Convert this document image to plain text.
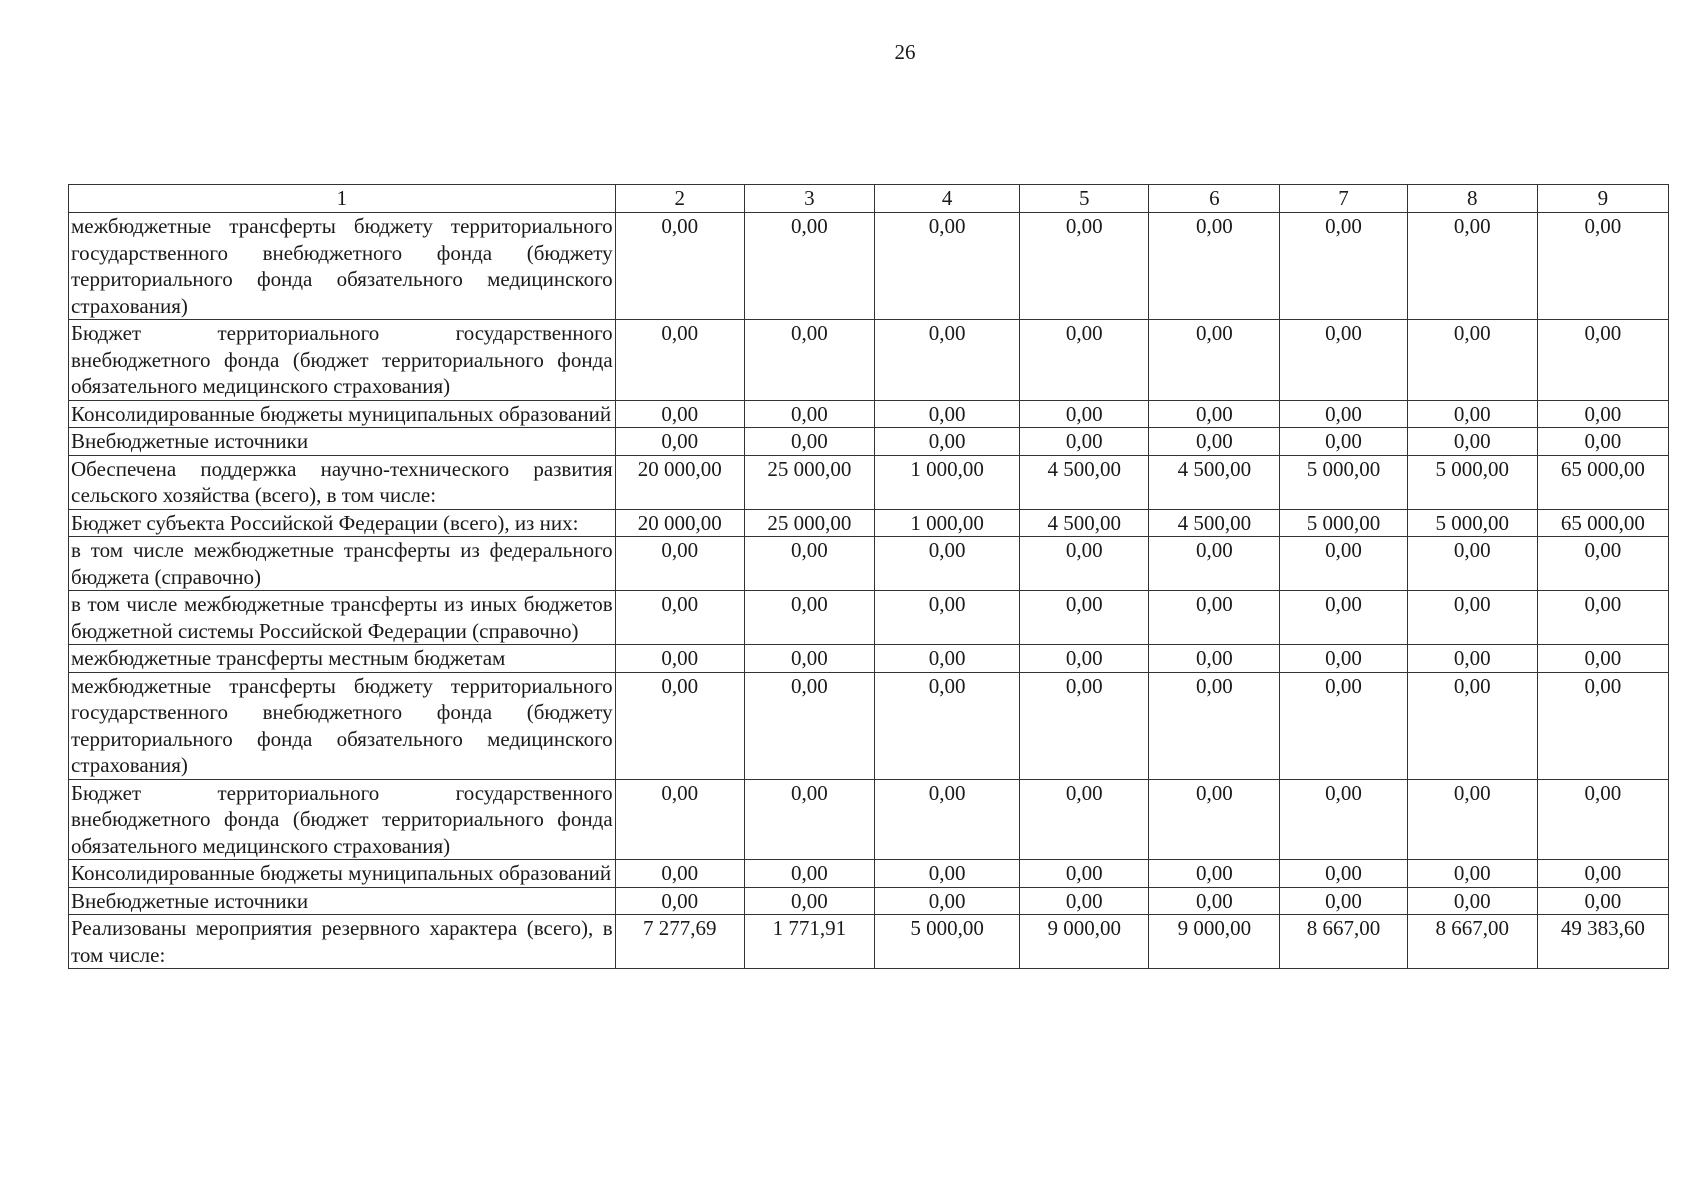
26
1	2	3	4	5	6	7	8	9
межбюджетные трансферты бюджету территориального государственного внебюджетного фонда (бюджету территориального фонда обязательного медицинского страхования)	0,00	0,00	0,00	0,00	0,00	0,00	0,00	0,00
Бюджет территориального государственного внебюджетного фонда (бюджет территориального фонда обязательного медицинского страхования)	0,00	0,00	0,00	0,00	0,00	0,00	0,00	0,00
Консолидированные бюджеты муниципальных образований	0,00	0,00	0,00	0,00	0,00	0,00	0,00	0,00
Внебюджетные источники	0,00	0,00	0,00	0,00	0,00	0,00	0,00	0,00
Обеспечена поддержка научно-технического развития сельского хозяйства (всего), в том числе:	20 000,00	25 000,00	1 000,00	4 500,00	4 500,00	5 000,00	5 000,00	65 000,00
Бюджет субъекта Российской Федерации (всего), из них:	20 000,00	25 000,00	1 000,00	4 500,00	4 500,00	5 000,00	5 000,00	65 000,00
в том числе межбюджетные трансферты из федерального бюджета (справочно)	0,00	0,00	0,00	0,00	0,00	0,00	0,00	0,00
в том числе межбюджетные трансферты из иных бюджетов бюджетной системы Российской Федерации (справочно)	0,00	0,00	0,00	0,00	0,00	0,00	0,00	0,00
межбюджетные трансферты местным бюджетам	0,00	0,00	0,00	0,00	0,00	0,00	0,00	0,00
межбюджетные трансферты бюджету территориального государственного внебюджетного фонда (бюджету территориального фонда обязательного медицинского страхования)	0,00	0,00	0,00	0,00	0,00	0,00	0,00	0,00
Бюджет территориального государственного внебюджетного фонда (бюджет территориального фонда обязательного медицинского страхования)	0,00	0,00	0,00	0,00	0,00	0,00	0,00	0,00
Консолидированные бюджеты муниципальных образований	0,00	0,00	0,00	0,00	0,00	0,00	0,00	0,00
Внебюджетные источники	0,00	0,00	0,00	0,00	0,00	0,00	0,00	0,00
Реализованы мероприятия резервного характера (всего), в том числе:	7 277,69	1 771,91	5 000,00	9 000,00	9 000,00	8 667,00	8 667,00	49 383,60
